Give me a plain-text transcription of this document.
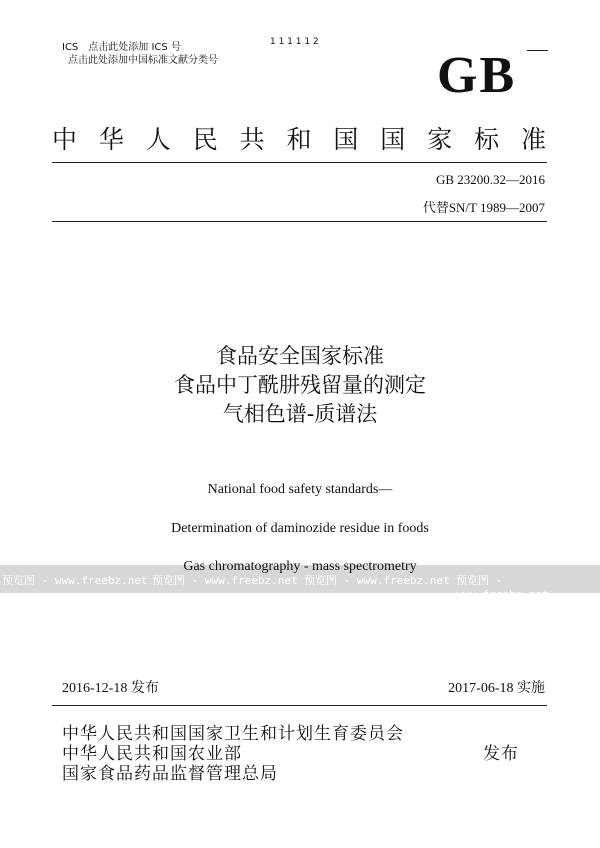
ICS　点击此处添加 ICS 号
点击此处添加中国标准文献分类号
1 1 1 1 1 2
GB
中华人民共和国国家标准
GB 23200.32—2016
代替SN/T 1989—2007
食品安全国家标准
食品中丁酰肼残留量的测定
气相色谱-质谱法
National food safety standards—
Determination of daminozide residue in foods
预览图 - www.freebz.net 预览图 - www.freebz.net 预览图 - www.freebz.net 预览图 - www.freebz.net
Gas chromatography - mass spectrometry
2016-12-18 发布	2017-06-18 实施
中华人民共和国国家卫生和计划生育委员会
中华人民共和国农业部
国家食品药品监督管理总局
发布
